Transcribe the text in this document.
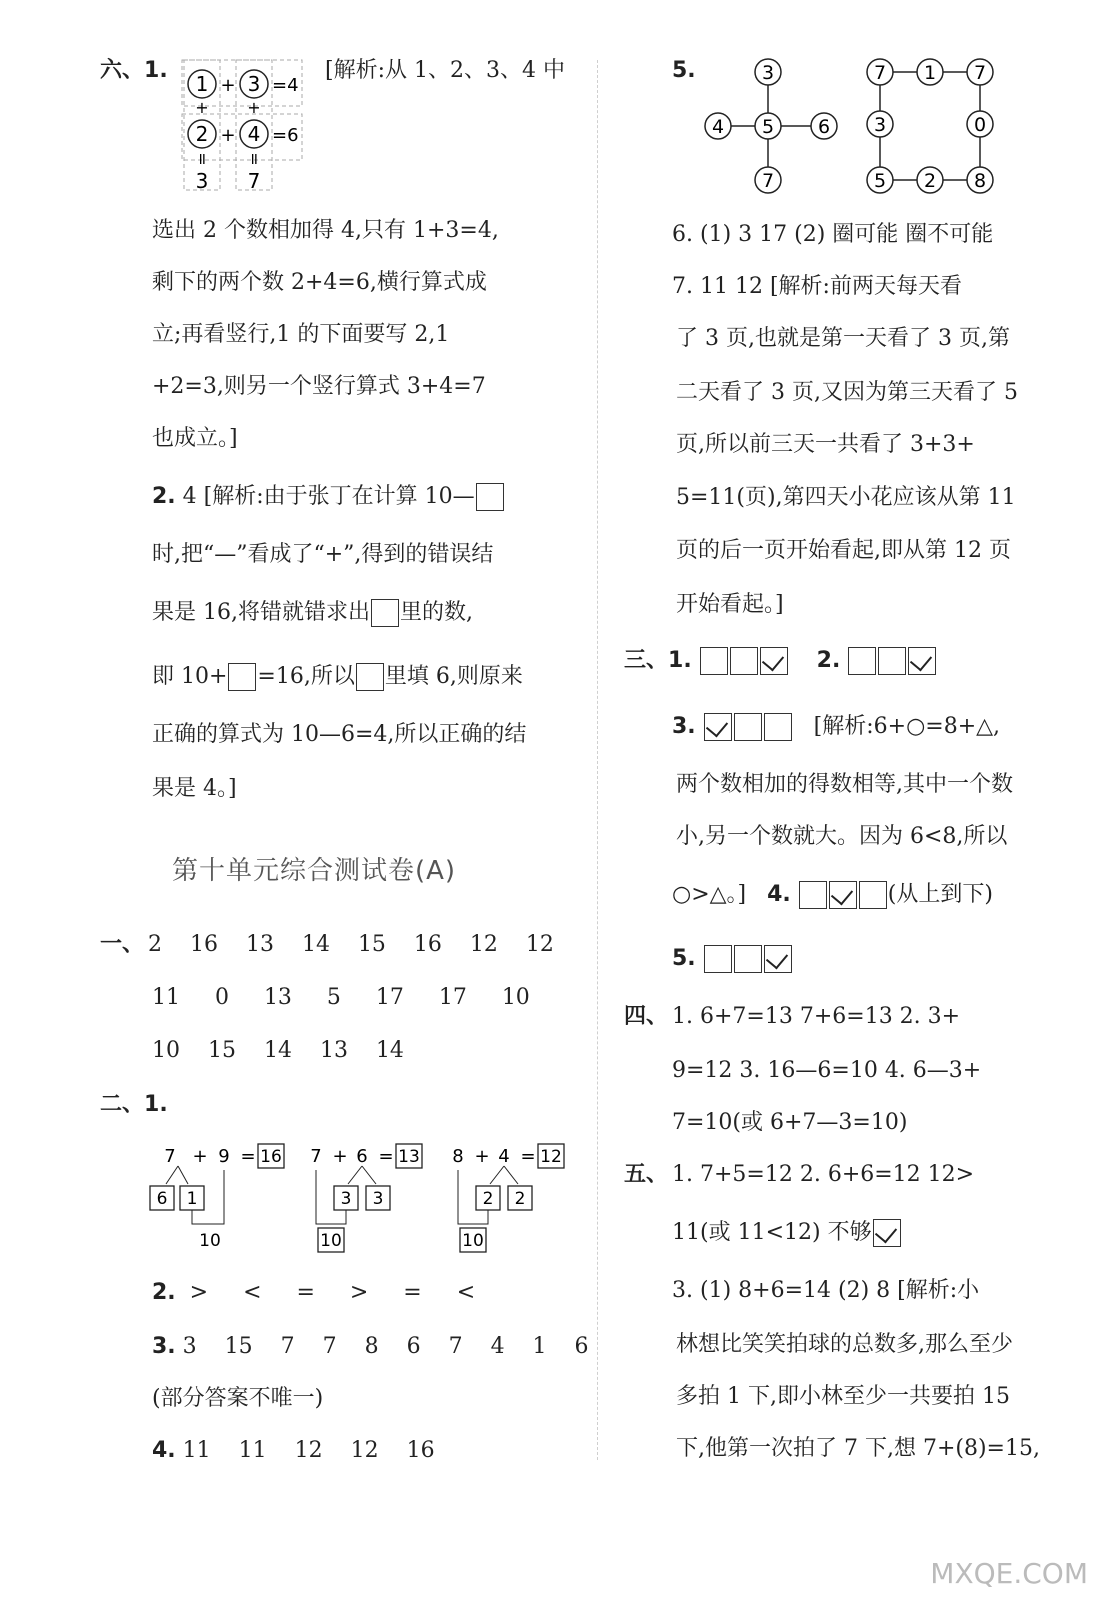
六、1.
1 3
2 4
+
+
=4
=6
+ +
= =
3 7
[解析:从 1、2、3、4 中
选出 2 个数相加得 4,只有 1+3=4,
剩下的两个数 2+4=6,横行算式成
立;再看竖行,1 的下面要写 2,1
+2=3,则另一个竖行算式 3+4=7
也成立。]
2. 4 [解析:由于张丁在计算 10—
时,把“—”看成了“+”,得到的错误结
果是 16,将错就错求出 里的数,
即 10+ =16,所以 里填 6,则原来
正确的算式为 10—6=4,所以正确的结
果是 4。]
第十单元综合测试卷(A)
一、 2 16 13 14 15 16 12 12
11 0 13 5 17 17 10
10 15 14 13 14
二、1.
7 + 9 = 16
6 1
10
7 + 6 = 13
3 3
10
8 + 4 = 12
2 2
10
2. > < = > = <
3. 3 15 7 7 8 6 7 4 1 6
(部分答案不唯一)
4. 11 11 12 12 16
5.	3
4 5 6
7
7 1 7
3	0
5 2 8
6. (1) 3 17 (2) 圈可能 圈不可能
7. 11 12 [解析:前两天每天看
了 3 页,也就是第一天看了 3 页,第
二天看了 3 页,又因为第三天看了 5
页,所以前三天一共看了 3+3+
5=11(页),第四天小花应该从第 11
页的后一页开始看起,即从第 12 页
开始看起。]
三、1.	2.
3.	[解析:6+○=8+△,
两个数相加的得数相等,其中一个数
小,另一个数就大。因为 6<8,所以
○>△。] 4.	(从上到下)
5.
四、 1. 6+7=13 7+6=13 2. 3+
9=12 3. 16—6=10 4. 6—3+
7=10(或 6+7—3=10)
五、 1. 7+5=12 2. 6+6=12 12>
11(或 11<12) 不够
3. (1) 8+6=14 (2) 8 [解析:小
林想比笑笑拍球的总数多,那么至少
多拍 1 下,即小林至少一共要拍 15
下,他第一次拍了 7 下,想 7+(8)=15,
MXQE.COM
